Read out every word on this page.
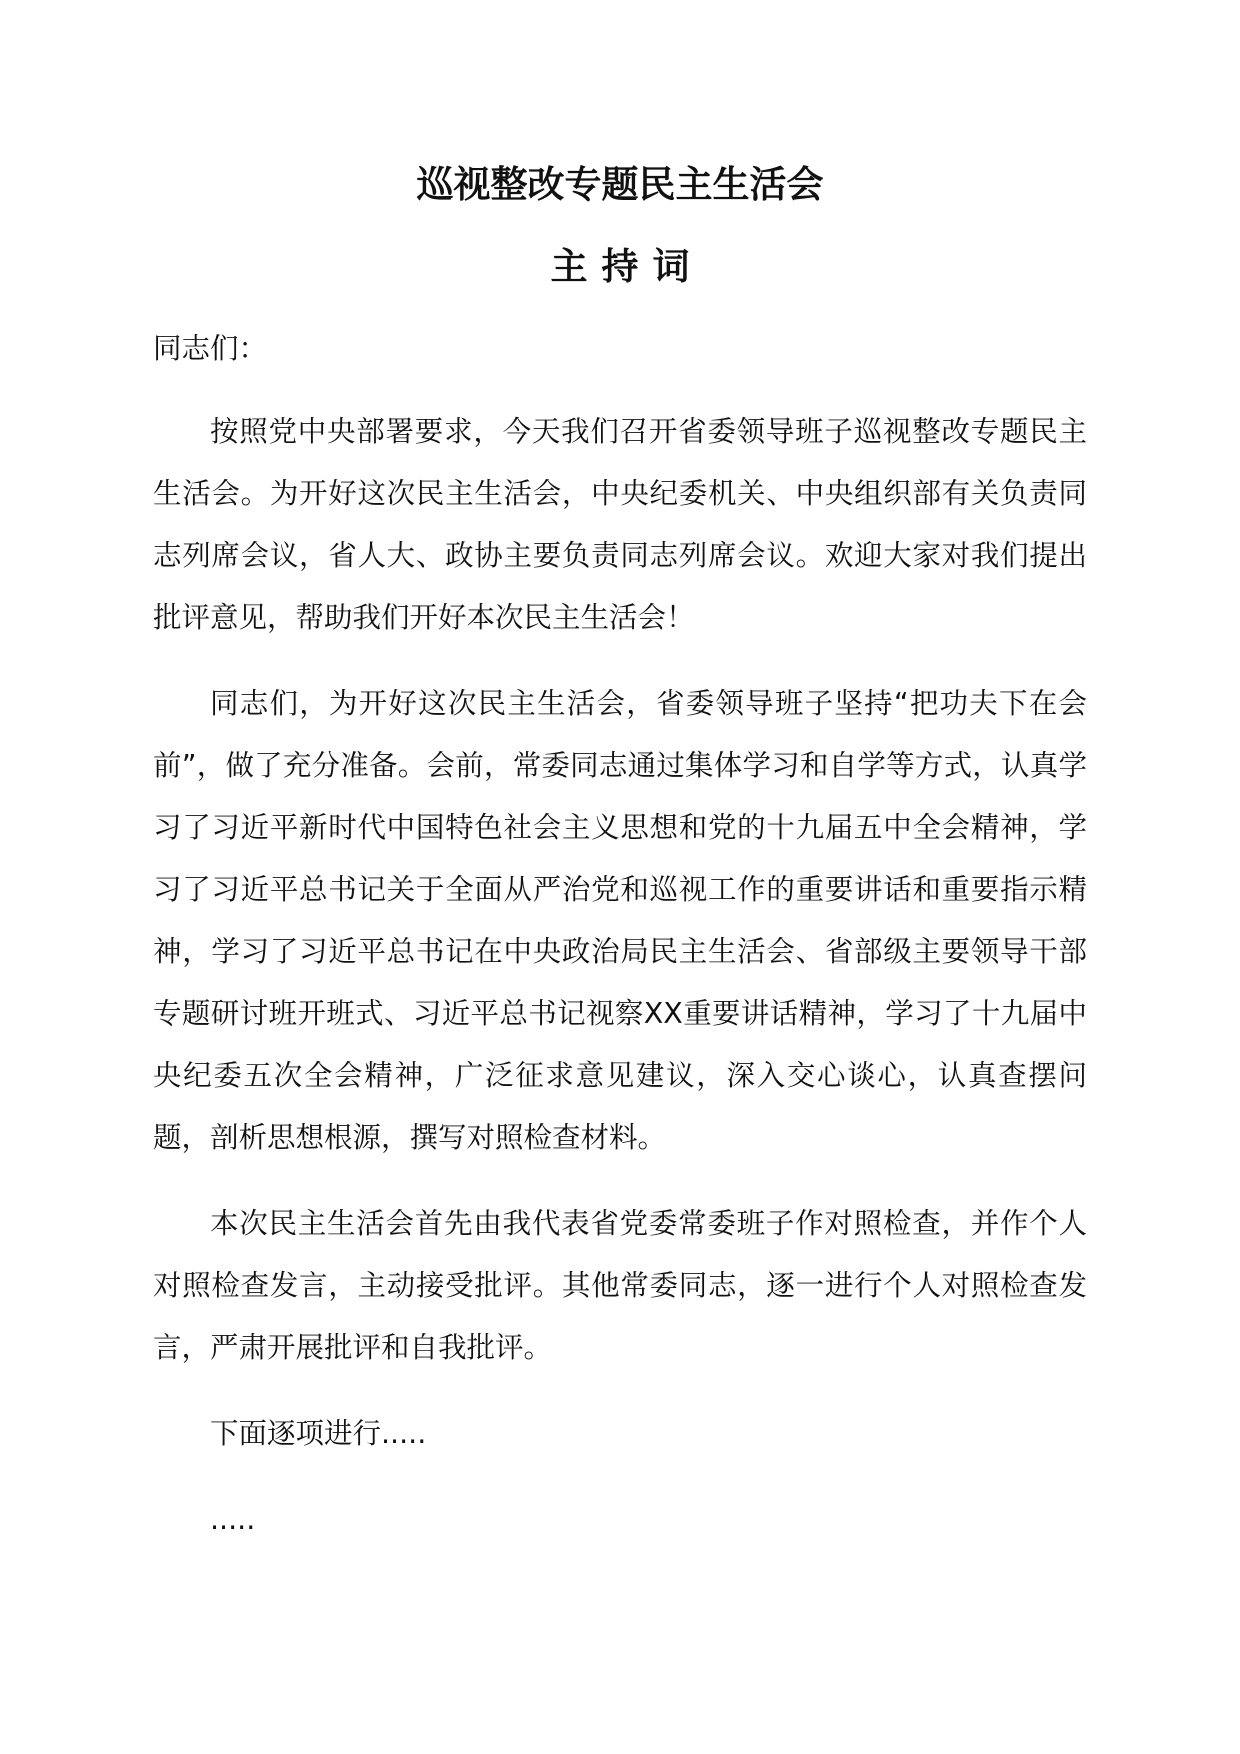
巡视整改专题民主生活会
主持词

同志们：

按照党中央部署要求，今天我们召开省委领导班子巡视整改专题民主生活会。为开好这次民主生活会，中央纪委机关、中央组织部有关负责同志列席会议，省人大、政协主要负责同志列席会议。欢迎大家对我们提出批评意见，帮助我们开好本次民主生活会！

同志们，为开好这次民主生活会，省委领导班子坚持“把功夫下在会前”，做了充分准备。会前，常委同志通过集体学习和自学等方式，认真学习了习近平新时代中国特色社会主义思想和党的十九届五中全会精神，学习了习近平总书记关于全面从严治党和巡视工作的重要讲话和重要指示精神，学习了习近平总书记在中央政治局民主生活会、省部级主要领导干部专题研讨班开班式、习近平总书记视察XX重要讲话精神，学习了十九届中央纪委五次全会精神，广泛征求意见建议，深入交心谈心，认真查摆问题，剖析思想根源，撰写对照检查材料。

本次民主生活会首先由我代表省党委常委班子作对照检查，并作个人对照检查发言，主动接受批评。其他常委同志，逐一进行个人对照检查发言，严肃开展批评和自我批评。

下面逐项进行.....

.....
